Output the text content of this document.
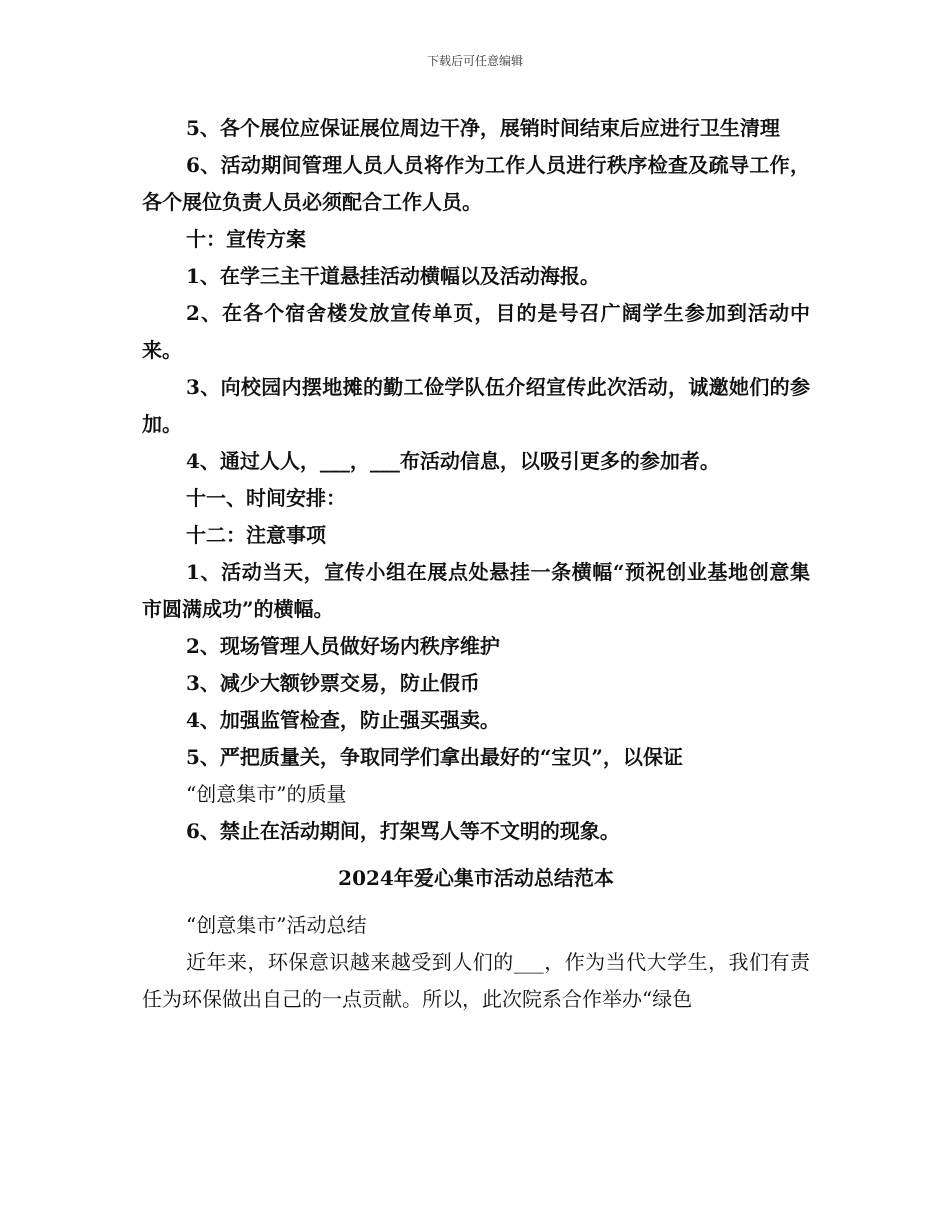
下载后可任意编辑

5、各个展位应保证展位周边干净，展销时间结束后应进行卫生清理

6、活动期间管理人员人员将作为工作人员进行秩序检查及疏导工作，各个展位负责人员必须配合工作人员。

十：宣传方案

1、在学三主干道悬挂活动横幅以及活动海报。

2、在各个宿舍楼发放宣传单页，目的是号召广阔学生参加到活动中来。

3、向校园内摆地摊的勤工俭学队伍介绍宣传此次活动，诚邀她们的参加。

4、通过人人，___，___布活动信息，以吸引更多的参加者。

十一、时间安排：

十二：注意事项

1、活动当天，宣传小组在展点处悬挂一条横幅“预祝创业基地创意集市圆满成功”的横幅。

2、现场管理人员做好场内秩序维护

3、减少大额钞票交易，防止假币

4、加强监管检查，防止强买强卖。

5、严把质量关，争取同学们拿出最好的“宝贝”，以保证

“创意集市”的质量

6、禁止在活动期间，打架骂人等不文明的现象。

2024年爱心集市活动总结范本

“创意集市”活动总结

近年来，环保意识越来越受到人们的___，作为当代大学生，我们有责任为环保做出自己的一点贡献。所以，此次院系合作举办“绿色
